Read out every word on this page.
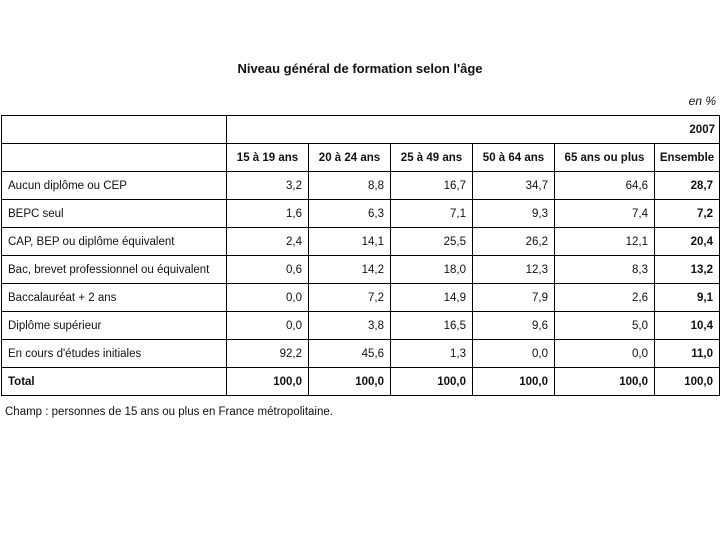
Niveau général de formation selon l'âge
en %
	2007					
	15 à 19 ans	20 à 24 ans	25 à 49 ans	50 à 64 ans	65 ans ou plus	Ensemble
Aucun diplôme ou CEP	3,2	8,8	16,7	34,7	64,6	28,7
BEPC seul	1,6	6,3	7,1	9,3	7,4	7,2
CAP, BEP ou diplôme équivalent	2,4	14,1	25,5	26,2	12,1	20,4
Bac, brevet professionnel ou équivalent	0,6	14,2	18,0	12,3	8,3	13,2
Baccalauréat + 2 ans	0,0	7,2	14,9	7,9	2,6	9,1
Diplôme supérieur	0,0	3,8	16,5	9,6	5,0	10,4
En cours d'études initiales	92,2	45,6	1,3	0,0	0,0	11,0
Total	100,0	100,0	100,0	100,0	100,0	100,0
Champ : personnes de 15 ans ou plus en France métropolitaine.
